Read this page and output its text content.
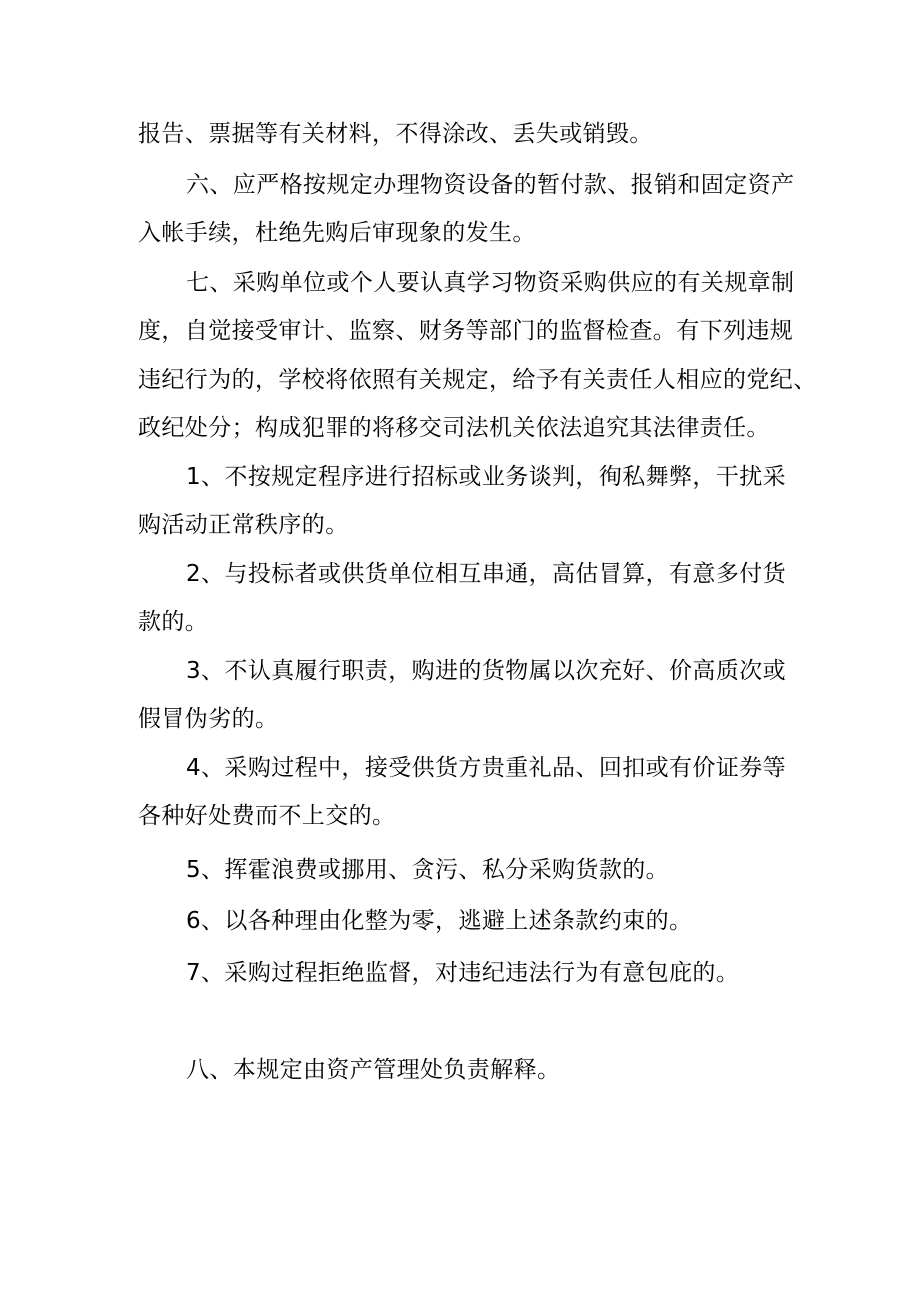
报告、票据等有关材料，不得涂改、丢失或销毁。
六、应严格按规定办理物资设备的暂付款、报销和固定资产
入帐手续，杜绝先购后审现象的发生。
七、采购单位或个人要认真学习物资采购供应的有关规章制
度，自觉接受审计、监察、财务等部门的监督检查。有下列违规
违纪行为的，学校将依照有关规定，给予有关责任人相应的党纪、
政纪处分；构成犯罪的将移交司法机关依法追究其法律责任。
1、不按规定程序进行招标或业务谈判，徇私舞弊，干扰采
购活动正常秩序的。
2、与投标者或供货单位相互串通，高估冒算，有意多付货
款的。
3、不认真履行职责，购进的货物属以次充好、价高质次或
假冒伪劣的。
4、采购过程中，接受供货方贵重礼品、回扣或有价证券等
各种好处费而不上交的。
5、挥霍浪费或挪用、贪污、私分采购货款的。
6、以各种理由化整为零，逃避上述条款约束的。
7、采购过程拒绝监督，对违纪违法行为有意包庇的。
八、本规定由资产管理处负责解释。
